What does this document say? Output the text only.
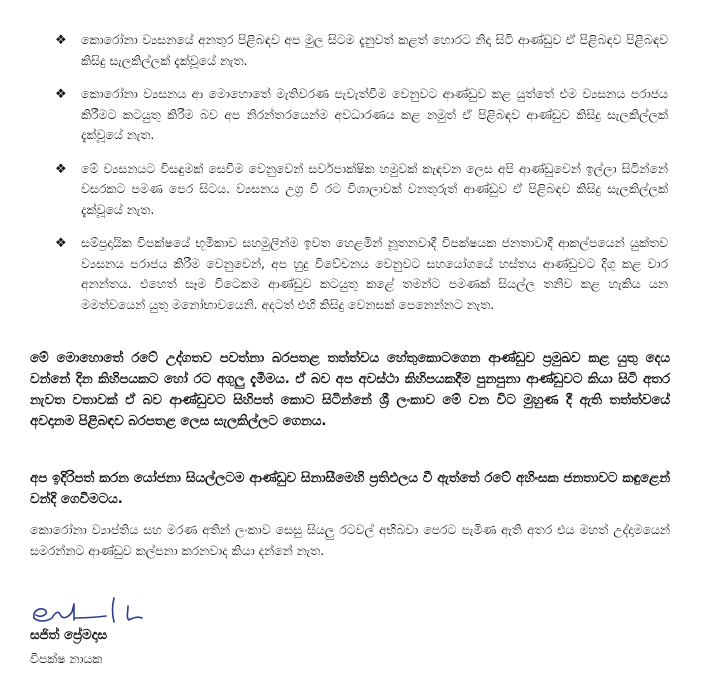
❖	කොරෝනා ව්‍යසනයේ අනතුර පිළිබඳව අප මුල සිටම දැනුවත් කළත් හොරට නිදා සිටි ආණ්ඩුව ඒ පිළිබඳව පිළිබඳව කිසිදු සැලකිල්ලක් දැක්වූයේ නැත.
❖	කොරෝනා ව්‍යසනය ආ මොහොතේ මැතිවරණ පැවැත්වීම වෙනුවට ආණ්ඩුව කළ යුත්තේ එම ව්‍යසනය පරාජය කිරීමට කටයුතු කිරීම බව අප නිරන්තරයෙන්ම අවධාරණය කළ නමුත් ඒ පිළිබඳව ආණ්ඩුව කිසිදු සැලකිල්ලක් දැක්වූයේ නැත.
❖	මේ ව්‍යසනයට විසඳුමක් සෙවීම වෙනුවෙන් සර්වපාක්ෂික හමුවක් කැඳවන ලෙස අපි ආණ්ඩුවෙන් ඉල්ලා සිටින්නේ වසරකට පමණ පෙර සිටය. ව්‍යසනය උග්‍ර වී රට විශාලාවක් වනතුරුත් ආණ්ඩුව ඒ පිළිබඳව කිසිදු සැලකිල්ලක් දැක්වූයේ නැත.
❖	සම්ප්‍රදායික විපක්ෂයේ භූමිකාව සහමුලින්ම ඉවත හෙළමින් නූතනවාදී විපක්ෂයක ජනතාවාදී ආකල්පයෙන් යුක්තව ව්‍යසනය පරාජය කිරීම වෙනුවෙන්, අප හුදු විවේචනය වෙනුවට සහයෝගයේ හස්තය ආණ්ඩුවට දිගු කළ වාර අනන්තය. එහෙත් සෑම විටෙකම ආණ්ඩුව කටයුතු කළේ තමන්ට පමණක් සියල්ල තනිව කළ හැකිය යන මමත්වයෙන් යුතු මනෝභාවයෙනි. අදටත් එහි කිසිදු වෙනසක් පෙනෙන්නට නැත.

මේ මොහොතේ රටේ උද්ගතව පවත්නා බරපතළ තත්ත්වය හේතුකොටගෙන ආණ්ඩුව ප්‍රමුඛව කළ යුතු දෙය වන්නේ දින කිහිපයකට හෝ රට අගුලු දැමීමය. ඒ බව අප අවස්ථා කිහිපයකදීම පුනපුනා ආණ්ඩුවට කියා සිටි අතර නැවත වතාවක් ඒ බව ආණ්ඩුවට සිහිපත් කොට සිටින්නේ ශ්‍රී ලංකාව මේ වන විට මුහුණ දී ඇති තත්ත්වයේ අවදානම පිළිබඳව බරපතළ ලෙස සැලකිල්ලට ගෙනය.

අප ඉදිරිපත් කරන යෝජනා සියල්ලටම ආණ්ඩුව සිනාසීමෙහි ප්‍රතිඵලය වී ඇත්තේ රටේ අහිංසක ජනතාවට කඳුළෙන් වන්දි ගෙවීමටය.

කොරෝනා ව්‍යාප්තිය සහ මරණ අතින් ලංකාව සෙසු සියලු රටවල් අභිබවා පෙරට පැමිණ ඇති අතර එය මහත් උද්දාමයෙන් සමරන්නට ආණ්ඩුව කල්පනා කරනවාද කියා දන්නේ නැත.

සජිත් ප්‍රේමදාස

විපක්ෂ නායක
